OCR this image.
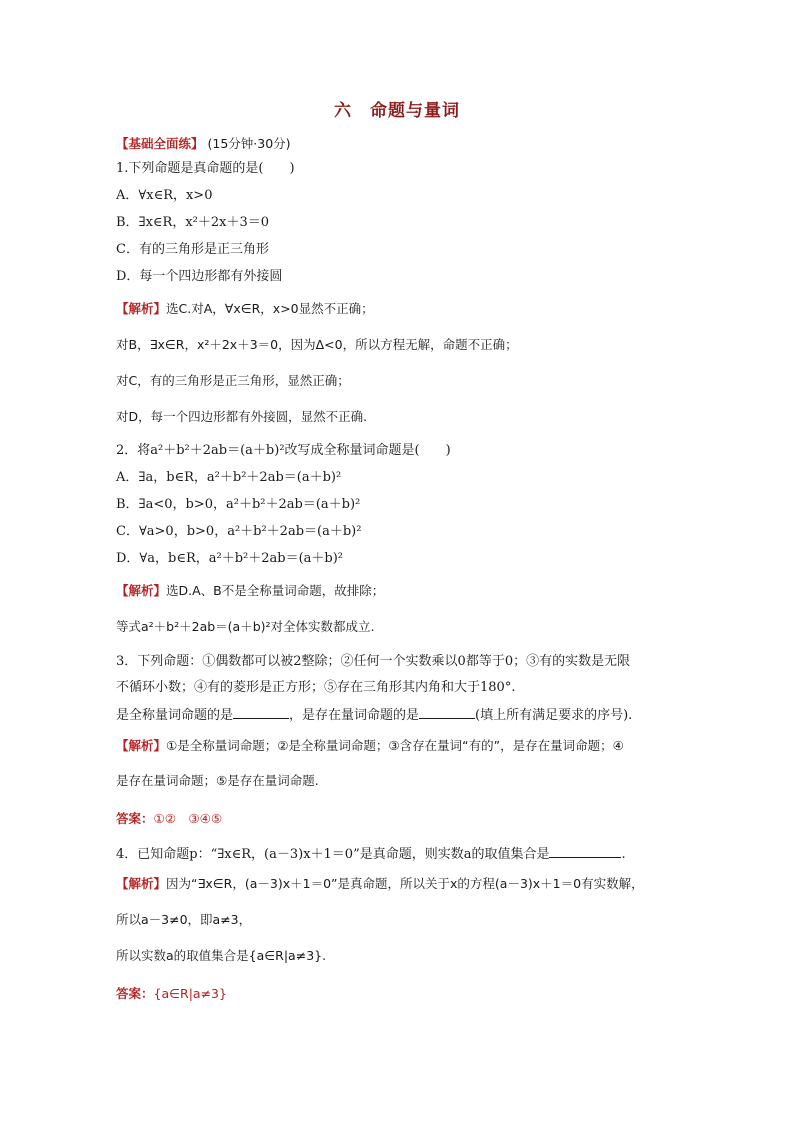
六　命题与量词
【基础全面练】 (15分钟·30分)
1.下列命题是真命题的是(　　)
A．∀x∈R，x>0
B．∃x∈R，x²＋2x＋3＝0
C．有的三角形是正三角形
D．每一个四边形都有外接圆
【解析】选C.对A，∀x∈R，x>0显然不正确；
对B，∃x∈R，x²＋2x＋3＝0，因为Δ<0，所以方程无解，命题不正确；
对C，有的三角形是正三角形，显然正确；
对D，每一个四边形都有外接圆，显然不正确.
2．将a²＋b²＋2ab＝(a＋b)²改写成全称量词命题是(　　)
A．∃a，b∈R，a²＋b²＋2ab＝(a＋b)²
B．∃a<0，b>0，a²＋b²＋2ab＝(a＋b)²
C．∀a>0，b>0，a²＋b²＋2ab＝(a＋b)²
D．∀a，b∈R，a²＋b²＋2ab＝(a＋b)²
【解析】选D.A、B不是全称量词命题，故排除；
等式a²＋b²＋2ab＝(a＋b)²对全体实数都成立.
3．下列命题：①偶数都可以被2整除；②任何一个实数乘以0都等于0；③有的实数是无限
不循环小数；④有的菱形是正方形；⑤存在三角形其内角和大于180°.
是全称量词命题的是	，是存在量词命题的是	(填上所有满足要求的序号).
【解析】①是全称量词命题；②是全称量词命题；③含存在量词“有的”，是存在量词命题；④
是存在量词命题；⑤是存在量词命题.
答案：①②　③④⑤
4．已知命题p：“∃x∈R，(a－3)x＋1＝0”是真命题，则实数a的取值集合是	.
【解析】因为“∃x∈R，(a－3)x＋1＝0”是真命题，所以关于x的方程(a－3)x＋1＝0有实数解，
所以a－3≠0，即a≠3，
所以实数a的取值集合是{a∈R|a≠3}.
答案：{a∈R|a≠3}
